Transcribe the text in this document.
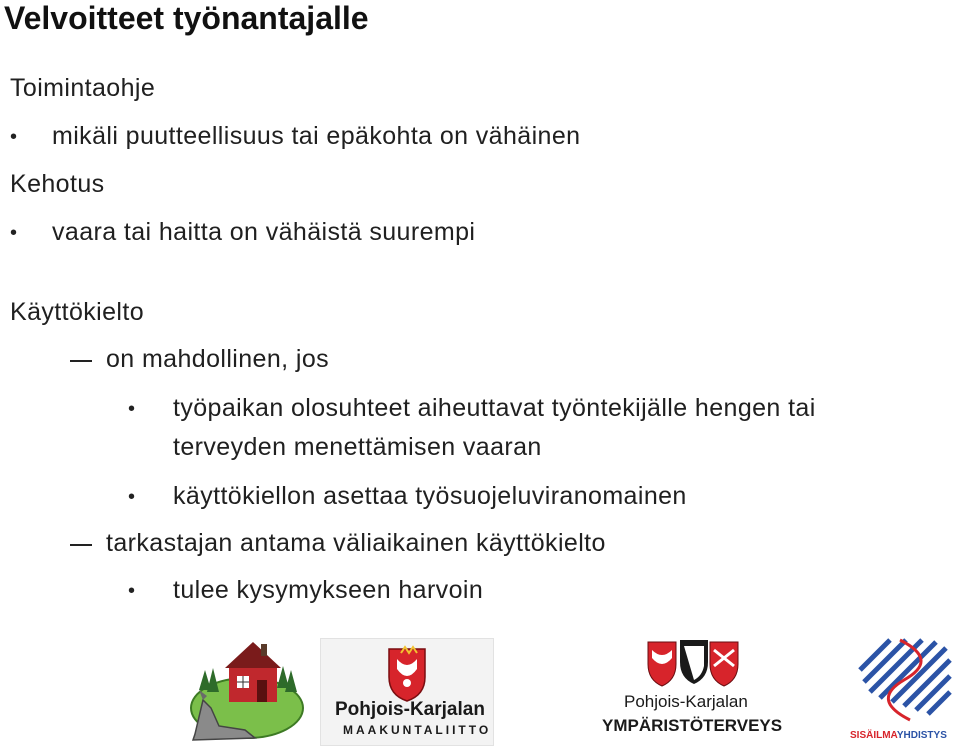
Velvoitteet työnantajalle
Toimintaohje
• mikäli puutteellisuus tai epäkohta on vähäinen
Kehotus
• vaara tai haitta on vähäistä suurempi
Käyttökielto
on mahdollinen, jos
• työpaikan olosuhteet aiheuttavat työntekijälle hengen tai
terveyden menettämisen vaaran
• käyttökiellon asettaa työsuojeluviranomainen
tarkastajan antama väliaikainen käyttökielto
• tulee kysymykseen harvoin
Pohjois-Karjalan
MAAKUNTALIITTO
Pohjois-Karjalan
YMPÄRISTÖTERVEYS
SISÄILMAYHDISTYS
